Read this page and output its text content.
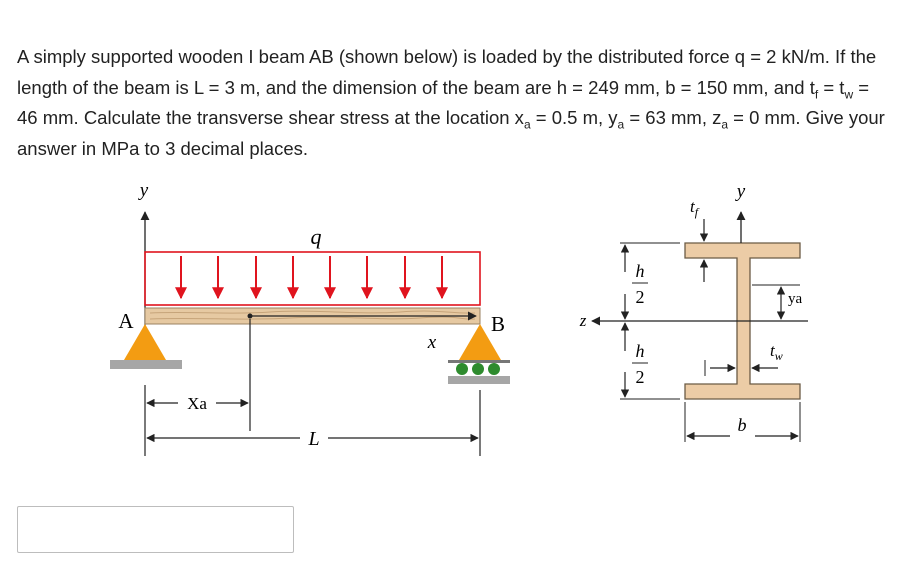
A simply supported wooden I beam AB (shown below) is loaded by the distributed force q = 2 kN/m. If the length of the beam is L = 3 m, and the dimension of the beam are h = 249 mm, b = 150 mm, and $t_f = t_w = 46$ mm. Calculate the transverse shear stress at the location $x_a = 0.5$ m, $y_a = 63$ mm, $z_a = 0$ mm. Give your answer in MPa to 3 decimal places.

y
q
x
A	B
Xa
L
z
y
$t_f$
h
2
h
2
ya
$t_w$
b
